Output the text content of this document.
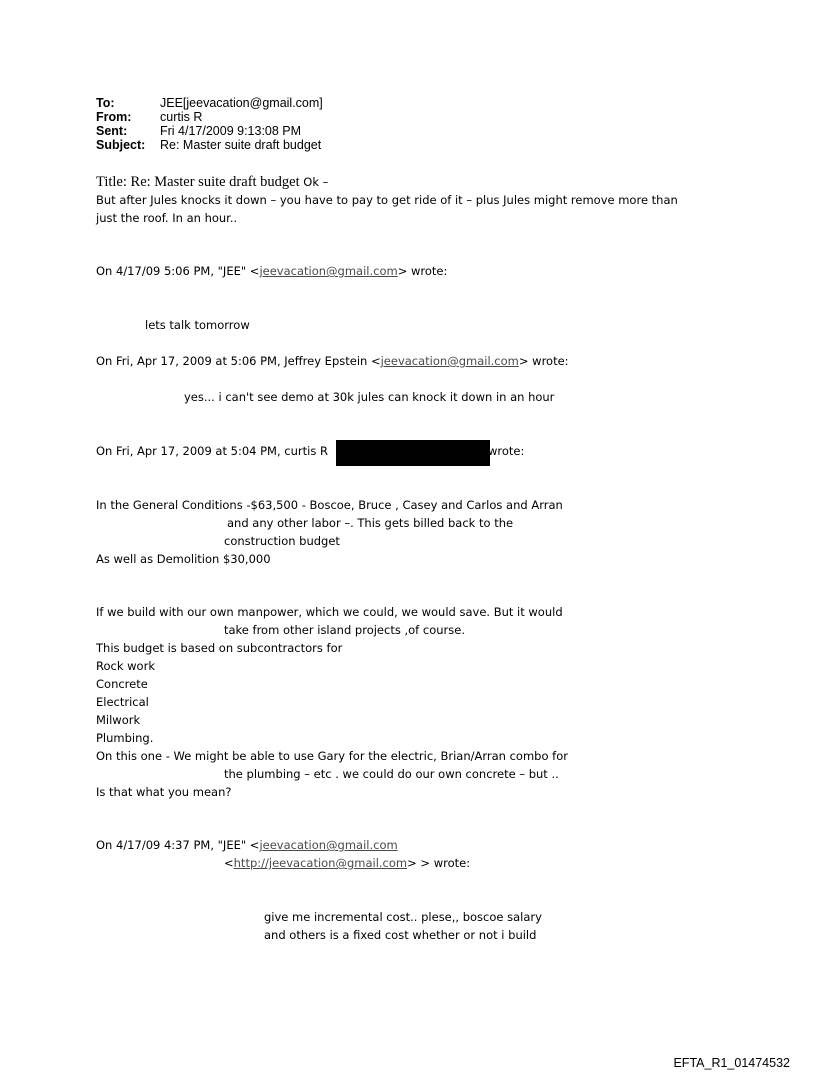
To:	JEE[jeevacation@gmail.com]
From:	curtis R
Sent:	Fri 4/17/2009 9:13:08 PM
Subject:	Re: Master suite draft budget
Title: Re: Master suite draft budget Ok –
But after Jules knocks it down – you have to pay to get ride of it – plus Jules might remove more than
just the roof. In an hour..
On 4/17/09 5:06 PM, "JEE" <jeevacation@gmail.com> wrote:
lets talk tomorrow
On Fri, Apr 17, 2009 at 5:06 PM, Jeffrey Epstein <jeevacation@gmail.com> wrote:
yes... i can't see demo at 30k jules can knock it down in an hour
On Fri, Apr 17, 2009 at 5:04 PM, curtis R	wrote:
In the General Conditions -$63,500 - Boscoe, Bruce , Casey and Carlos and Arran
and any other labor –. This gets billed back to the
construction budget
As well as Demolition $30,000
If we build with our own manpower, which we could, we would save. But it would
take from other island projects ,of course.
This budget is based on subcontractors for
Rock work
Concrete
Electrical
Milwork
Plumbing.
On this one - We might be able to use Gary for the electric, Brian/Arran combo for
the plumbing – etc . we could do our own concrete – but ..
Is that what you mean?
On 4/17/09 4:37 PM, "JEE" <jeevacation@gmail.com
<http://jeevacation@gmail.com> > wrote:
give me incremental cost.. plese,, boscoe salary
and others is a fixed cost whether or not i build
EFTA_R1_01474532
